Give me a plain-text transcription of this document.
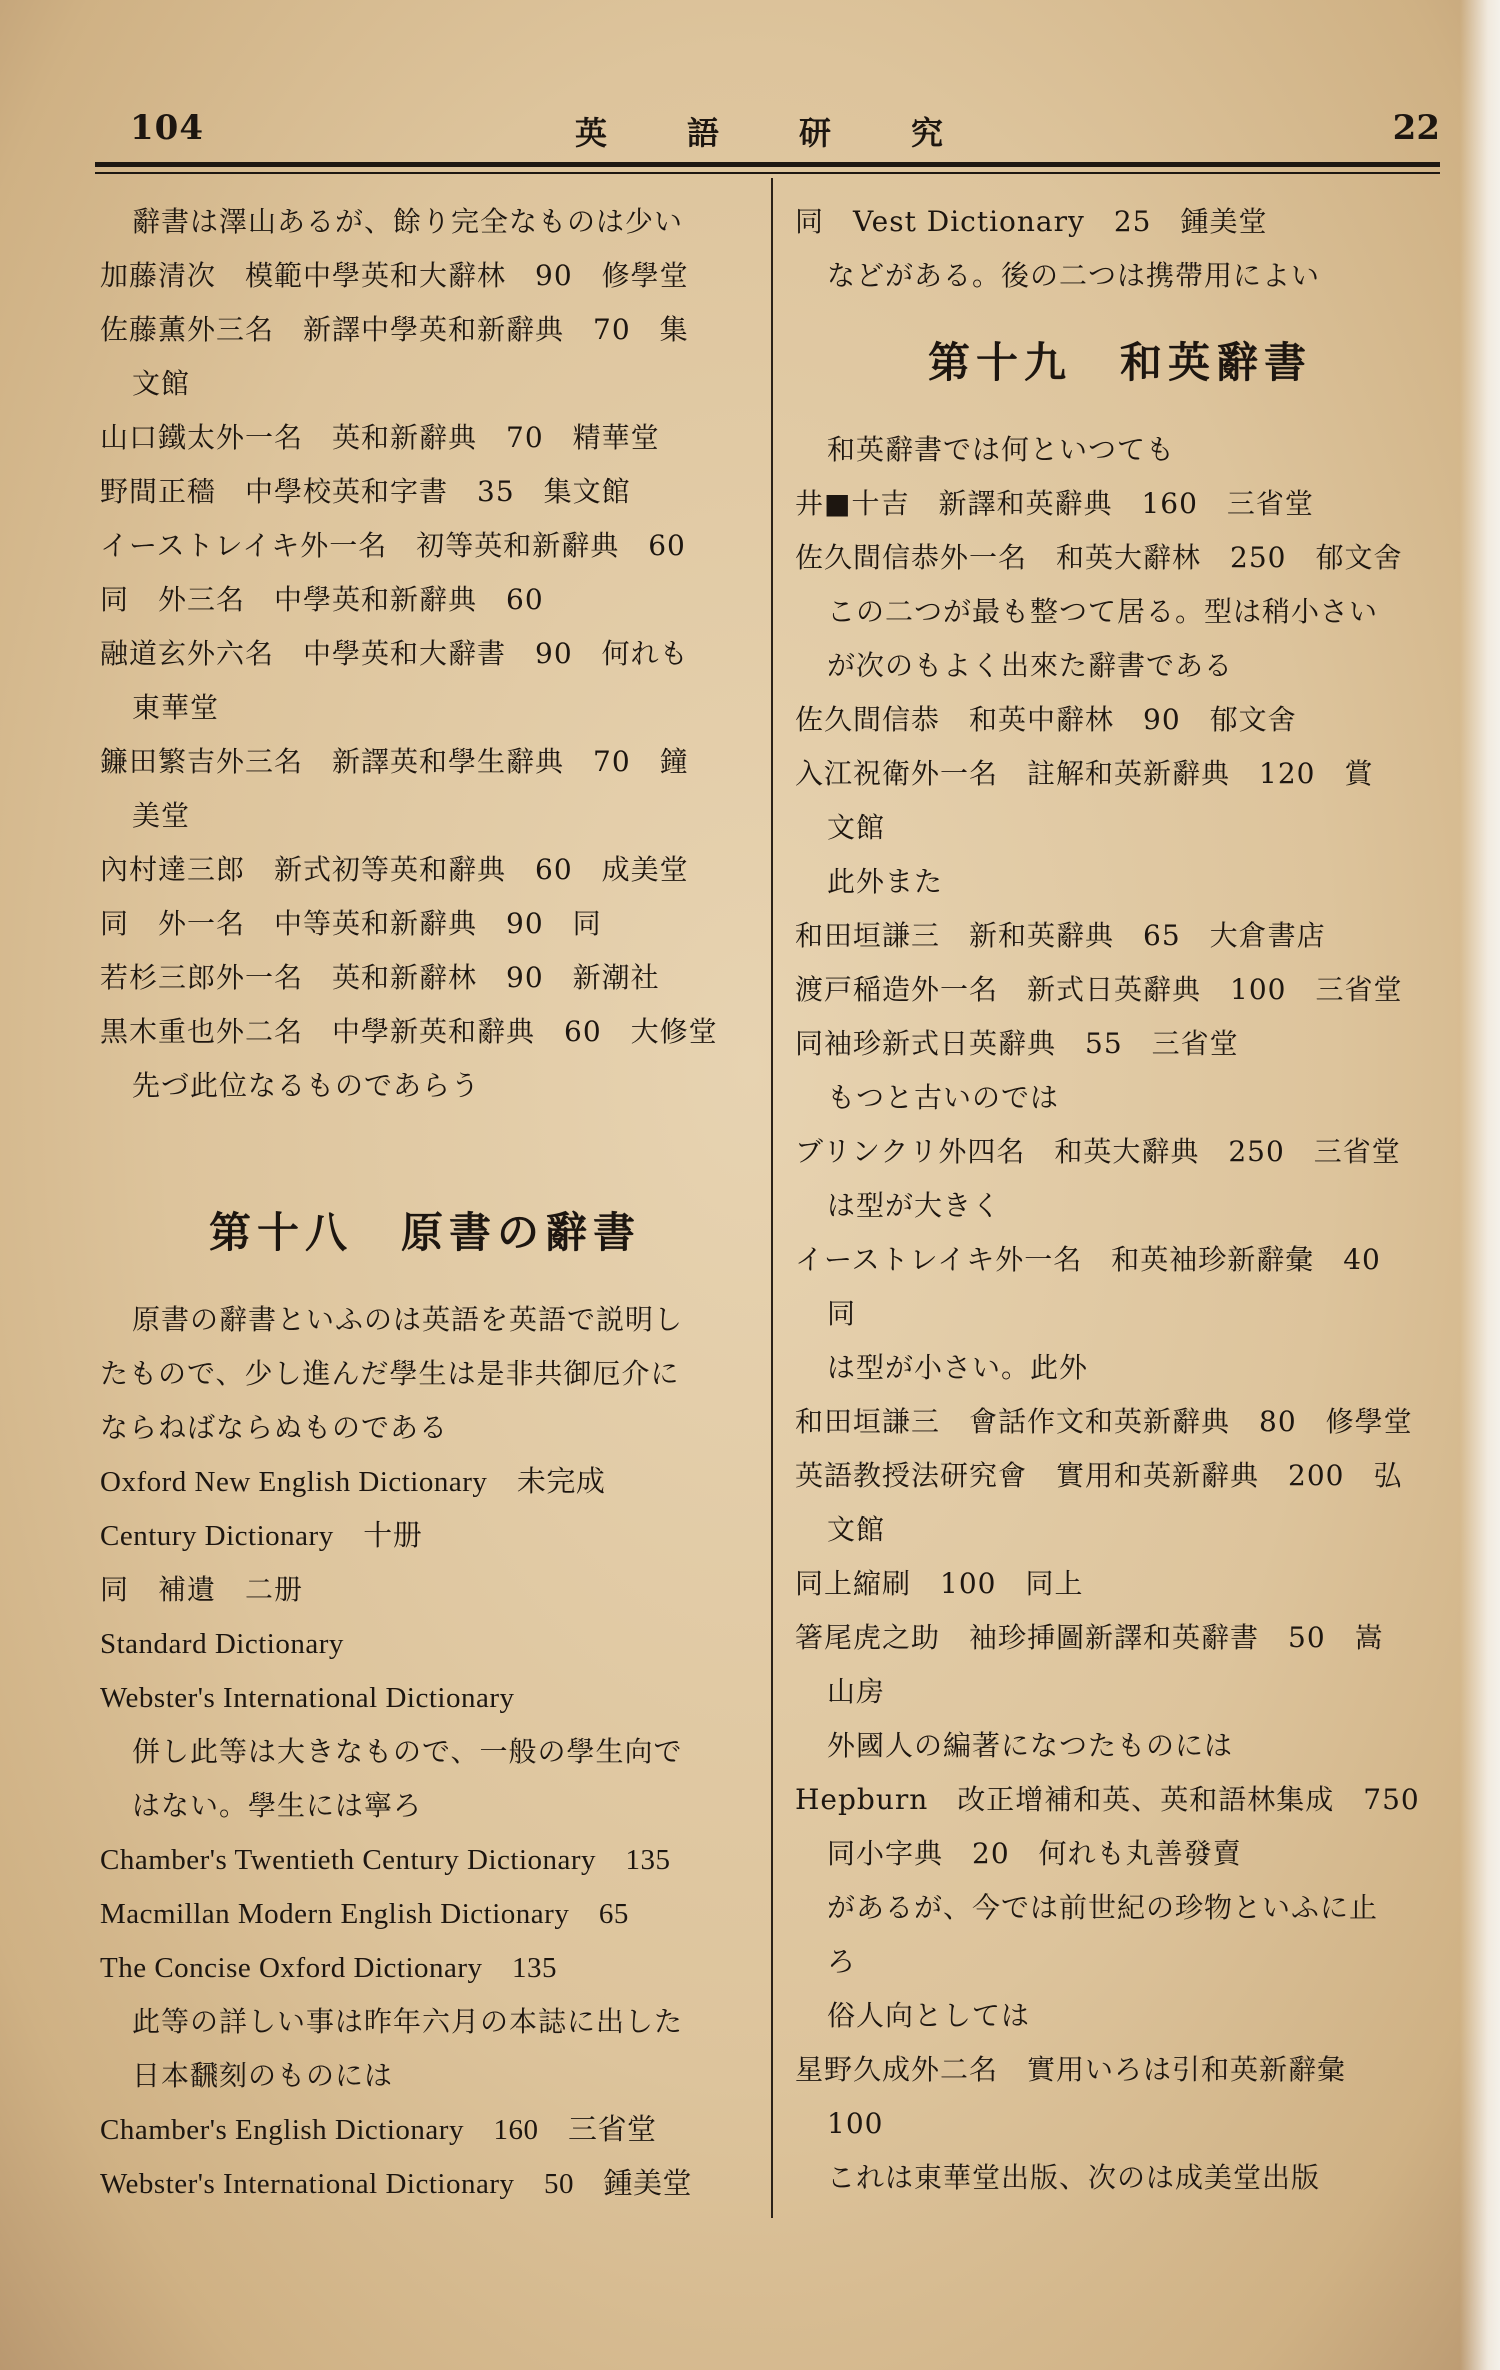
104	英語研究	22
辭書は澤山あるが、餘り完全なものは少い
加藤清次　模範中學英和大辭林　90　修學堂
佐藤薫外三名　新譯中學英和新辭典　70　集
文館
山口鐵太外一名　英和新辭典　70　精華堂
野間正穡　中學校英和字書　35　集文館
イーストレイキ外一名　初等英和新辭典　60
同　外三名　中學英和新辭典　60
融道玄外六名　中學英和大辭書　90　何れも
東華堂
鐮田繁吉外三名　新譯英和學生辭典　70　鐘
美堂
內村達三郎　新式初等英和辭典　60　成美堂
同　外一名　中等英和新辭典　90　同
若杉三郎外一名　英和新辭林　90　新潮社
黒木重也外二名　中學新英和辭典　60　大修堂
先づ此位なるものであらう
第十八　原書の辭書
原書の辭書といふのは英語を英語で説明し
たもので、少し進んだ學生は是非共御厄介に
ならねばならぬものである
Oxford New English Dictionary　未完成
Century Dictionary　十册
同　補遺　二册
Standard Dictionary
Webster's International Dictionary
併し此等は大きなもので、一般の學生向で
はない。學生には寧ろ
Chamber's Twentieth Century Dictionary　135
Macmillan Modern English Dictionary　65
The Concise Oxford Dictionary　135
此等の詳しい事は昨年六月の本誌に出した
日本飜刻のものには
Chamber's English Dictionary　160　三省堂
Webster's International Dictionary　50　鍾美堂
同　Vest Dictionary　25　鍾美堂
などがある。後の二つは携帶用によい
第十九　和英辭書
和英辭書では何といつても
井■十吉　新譯和英辭典　160　三省堂
佐久間信恭外一名　和英大辭林　250　郁文舍
この二つが最も整つて居る。型は稍小さい
が次のもよく出來た辭書である
佐久間信恭　和英中辭林　90　郁文舍
入江祝衛外一名　註解和英新辭典　120　賞
文館
此外また
和田垣謙三　新和英辭典　65　大倉書店
渡戸稲造外一名　新式日英辭典　100　三省堂
同袖珍新式日英辭典　55　三省堂
もつと古いのでは
ブリンクリ外四名　和英大辭典　250　三省堂
は型が大きく
イーストレイキ外一名　和英袖珍新辭彙　40
同
は型が小さい。此外
和田垣謙三　會話作文和英新辭典　80　修學堂
英語教授法研究會　實用和英新辭典　200　弘
文館
同上縮刷　100　同上
箸尾虎之助　袖珍挿圖新譯和英辭書　50　嵩
山房
外國人の編著になつたものには
Hepburn　改正增補和英、英和語林集成　750
同小字典　20　何れも丸善發賣
があるが、今では前世紀の珍物といふに止
ろ
俗人向としては
星野久成外二名　實用いろは引和英新辭彙
100
これは東華堂出版、次のは成美堂出版
